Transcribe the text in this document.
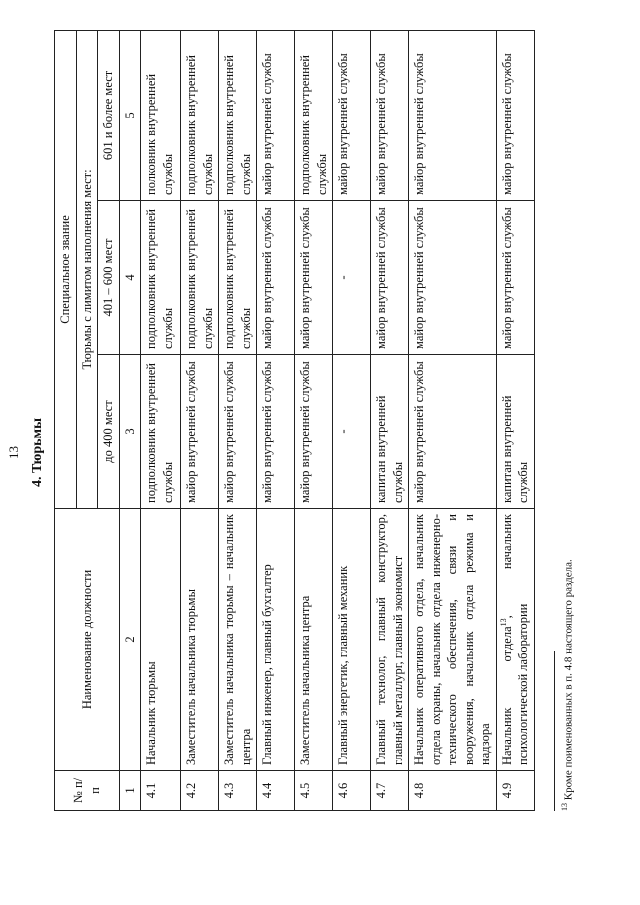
13 4. Тюрьмы
№ п/п	Наименование должности	Специальное звание		
		Тюрьмы с лимитом наполнения мест:		
		до 400 мест	401 – 600 мест	601 и более мест
1	2	3	4	5
4.1	Начальник тюрьмы	подполковник внутренней службы	подполковник внутренней службы	полковник внутренней службы
4.2	Заместитель начальника тюрьмы	майор внутренней службы	подполковник внутренней службы	подполковник внутренней службы
4.3	Заместитель начальника тюрьмы – начальник центра	майор внутренней службы	подполковник внутренней службы	подполковник внутренней службы
4.4	Главный инженер, главный бухгалтер	майор внутренней службы	майор внутренней службы	майор внутренней службы
4.5	Заместитель начальника центра	майор внутренней службы	майор внутренней службы	подполковник внутренней службы
4.6	Главный энергетик, главный механик	-	-	майор внутренней службы
4.7	Главный технолог, главный конструктор, главный металлург, главный экономист	капитан внутренней службы	майор внутренней службы	майор внутренней службы
4.8	Начальник оперативного отдела, начальник отдела охраны, начальник отдела инженерно-технического обеспечения, связи и вооружения, начальник отдела режима и надзора	майор внутренней службы	майор внутренней службы	майор внутренней службы
4.9	Начальник отдела$^{13}$, начальник психологической лаборатории	капитан внутренней службы	майор внутренней службы	майор внутренней службы
$^{13}$ Кроме поименованных в п. 4.8 настоящего раздела.
